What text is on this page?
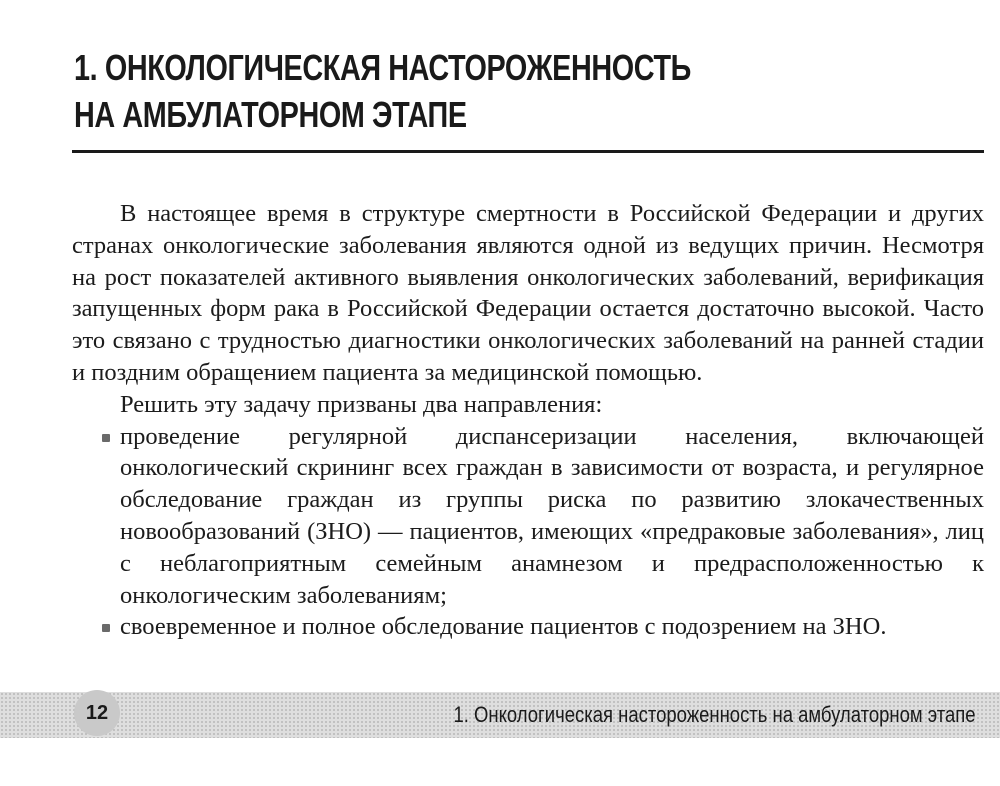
1. ОНКОЛОГИЧЕСКАЯ НАСТОРОЖЕННОСТЬ
НА АМБУЛАТОРНОМ ЭТАПЕ

В настоящее время в структуре смертности в Российской Федерации и других странах онкологические заболевания являются одной из ведущих причин. Несмотря на рост показателей активного выявления онкологических заболеваний, верификация запущенных форм рака в Российской Федерации остается достаточно высокой. Часто это связано с трудностью диагностики онкологических заболеваний на ранней стадии и поздним обращением пациента за медицинской помощью.

Решить эту задачу призваны два направления:

проведение регулярной диспансеризации населения, включающей онкологический скрининг всех граждан в зависимости от возраста, и регулярное обследование граждан из группы риска по развитию злокачественных новообразований (ЗНО) — пациентов, имеющих «предраковые заболевания», лиц с неблагоприятным семейным анамнезом и предрасположенностью к онкологическим заболеваниям;
своевременное и полное обследование пациентов с подозрением на ЗНО.
12	1. Онкологическая настороженность на амбулаторном этапе
